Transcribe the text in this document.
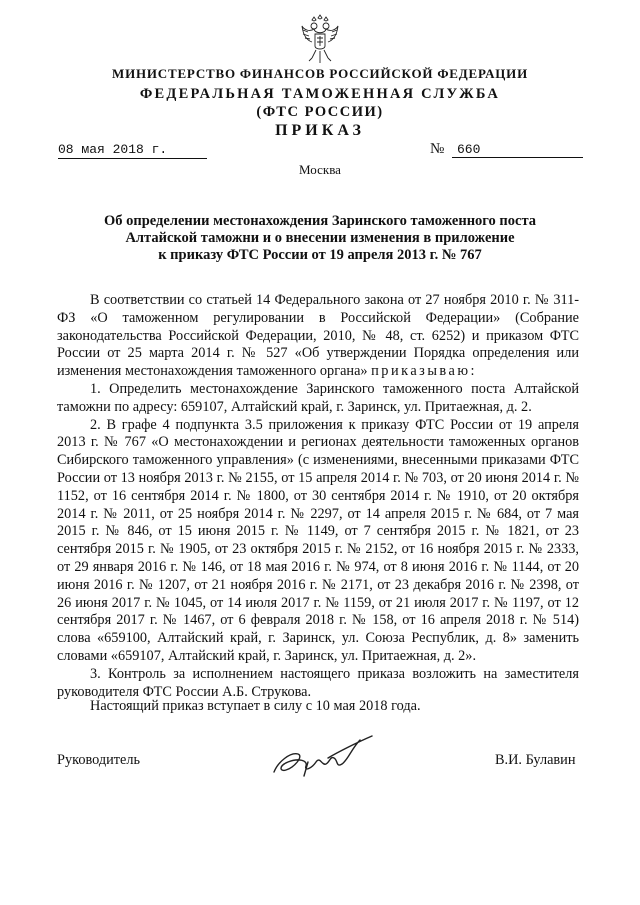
МИНИСТЕРСТВО ФИНАНСОВ РОССИЙСКОЙ ФЕДЕРАЦИИ
ФЕДЕРАЛЬНАЯ ТАМОЖЕННАЯ СЛУЖБА
(ФТС РОССИИ)
ПРИКАЗ
08 мая 2018 г.	№ 660
Москва
Об определении местонахождения Заринского таможенного поста
Алтайской таможни и о внесении изменения в приложение
к приказу ФТС России от 19 апреля 2013 г. № 767

В соответствии со статьей 14 Федерального закона от 27 ноября 2010 г. № 311-ФЗ «О таможенном регулировании в Российской Федерации» (Собрание законодательства Российской Федерации, 2010, № 48, ст. 6252) и приказом ФТС России от 25 марта 2014 г. № 527 «Об утверждении Порядка определения или изменения местонахождения таможенного органа» приказываю:

1. Определить местонахождение Заринского таможенного поста Алтайской таможни по адресу: 659107, Алтайский край, г. Заринск, ул. Притаежная, д. 2.

2. В графе 4 подпункта 3.5 приложения к приказу ФТС России от 19 апреля 2013 г. № 767 «О местонахождении и регионах деятельности таможенных органов Сибирского таможенного управления» (с изменениями, внесенными приказами ФТС России от 13 ноября 2013 г. № 2155, от 15 апреля 2014 г. № 703, от 20 июня 2014 г. № 1152, от 16 сентября 2014 г. № 1800, от 30 сентября 2014 г. № 1910, от 20 октября 2014 г. № 2011, от 25 ноября 2014 г. № 2297, от 14 апреля 2015 г. № 684, от 7 мая 2015 г. № 846, от 15 июня 2015 г. № 1149, от 7 сентября 2015 г. № 1821, от 23 сентября 2015 г. № 1905, от 23 октября 2015 г. № 2152, от 16 ноября 2015 г. № 2333, от 29 января 2016 г. № 146, от 18 мая 2016 г. № 974, от 8 июня 2016 г. № 1144, от 20 июня 2016 г. № 1207, от 21 ноября 2016 г. № 2171, от 23 декабря 2016 г. № 2398, от 26 июня 2017 г. № 1045, от 14 июля 2017 г. № 1159, от 21 июля 2017 г. № 1197, от 12 сентября 2017 г. № 1467, от 6 февраля 2018 г. № 158, от 16 апреля 2018 г. № 514) слова «659100, Алтайский край, г. Заринск, ул. Союза Республик, д. 8» заменить словами «659107, Алтайский край, г. Заринск, ул. Притаежная, д. 2».

3. Контроль за исполнением настоящего приказа возложить на заместителя руководителя ФТС России А.Б. Струкова.

Настоящий приказ вступает в силу с 10 мая 2018 года.
Руководитель	В.И. Булавин
